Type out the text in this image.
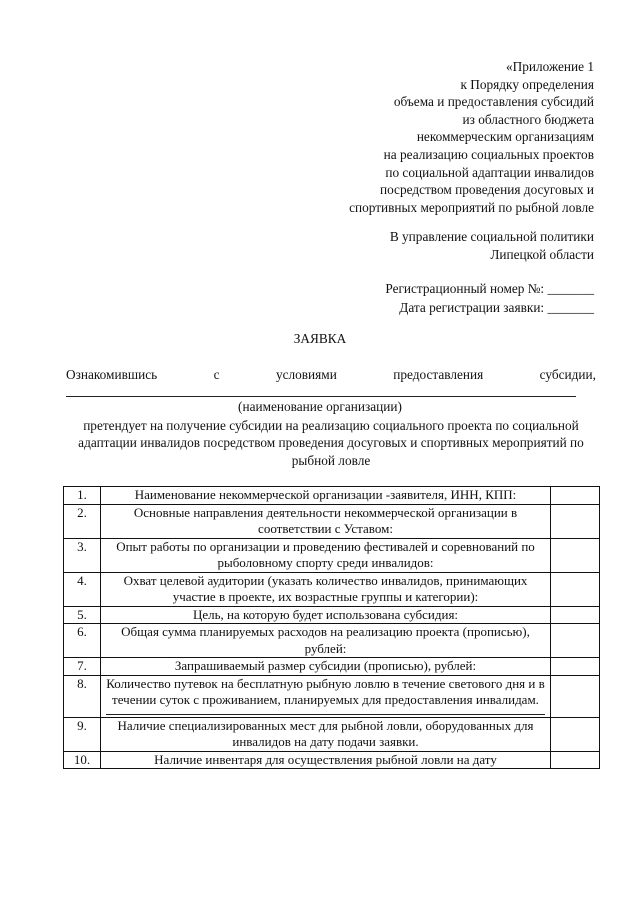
«Приложение 1
к Порядку определения
объема и предоставления субсидий
из областного бюджета
некоммерческим организациям
на реализацию социальных проектов
по социальной адаптации инвалидов
посредством проведения досуговых и
спортивных мероприятий по рыбной ловле
В управление социальной политики
Липецкой области
Регистрационный номер №: _______
Дата регистрации заявки: _______
ЗАЯВКА
Ознакомившись	с	условиями	предоставления	субсидии,
(наименование организации)
претендует на получение субсидии на реализацию социального проекта по социальной адаптации инвалидов посредством проведения досуговых и спортивных мероприятий по рыбной ловле
1.	Наименование некоммерческой организации -заявителя, ИНН, КПП:	

2.	Основные направления деятельности некоммерческой организации в соответствии с Уставом:	

3.	Опыт работы по организации и проведению фестивалей и соревнований по рыболовному спорту среди инвалидов:	

4.	Охват целевой аудитории (указать количество инвалидов, принимающих участие в проекте, их возрастные группы и категории):	

5.	Цель, на которую будет использована субсидия:	

6.	Общая сумма планируемых расходов на реализацию проекта (прописью), рублей:	

7.	Запрашиваемый размер субсидии (прописью), рублей:	

8.	Количество путевок на бесплатную рыбную ловлю в течение светового дня и в течении суток с проживанием, планируемых для предоставления инвалидам.	

9.	Наличие специализированных мест для рыбной ловли, оборудованных для инвалидов на дату подачи заявки.	

10.	Наличие инвентаря для осуществления рыбной ловли на дату	
